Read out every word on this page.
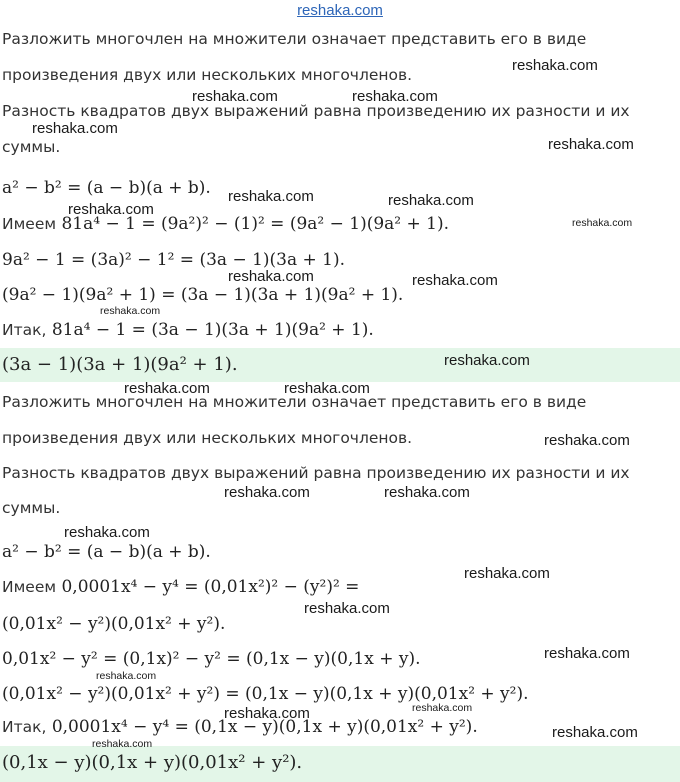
reshaka.com
Разложить многочлен на множители означает представить его в виде
произведения двух или нескольких многочленов.
Разность квадратов двух выражений равна произведению их разности и их
суммы.
a² − b² = (a − b)(a + b).
Имеем 81a⁴ − 1 = (9a²)² − (1)² = (9a² − 1)(9a² + 1).
9a² − 1 = (3a)² − 1² = (3a − 1)(3a + 1).
(9a² − 1)(9a² + 1) = (3a − 1)(3a + 1)(9a² + 1).
Итак, 81a⁴ − 1 = (3a − 1)(3a + 1)(9a² + 1).
(3a − 1)(3a + 1)(9a² + 1).
Разложить многочлен на множители означает представить его в виде
произведения двух или нескольких многочленов.
Разность квадратов двух выражений равна произведению их разности и их
суммы.
a² − b² = (a − b)(a + b).
Имеем 0,0001x⁴ − y⁴ = (0,01x²)² − (y²)² =
(0,01x² − y²)(0,01x² + y²).
0,01x² − y² = (0,1x)² − y² = (0,1x − y)(0,1x + y).
(0,01x² − y²)(0,01x² + y²) = (0,1x − y)(0,1x + y)(0,01x² + y²).
Итак, 0,0001x⁴ − y⁴ = (0,1x − y)(0,1x + y)(0,01x² + y²).
(0,1x − y)(0,1x + y)(0,01x² + y²).
reshaka.com
reshaka.com	reshaka.com
reshaka.com
reshaka.com
reshaka.com	reshaka.com
reshaka.com
reshaka.com
reshaka.com	reshaka.com
reshaka.com
reshaka.com
reshaka.com	reshaka.com
reshaka.com
reshaka.com	reshaka.com
reshaka.com
reshaka.com
reshaka.com
reshaka.com
reshaka.com
reshaka.com
reshaka.com
reshaka.com
reshaka.com
